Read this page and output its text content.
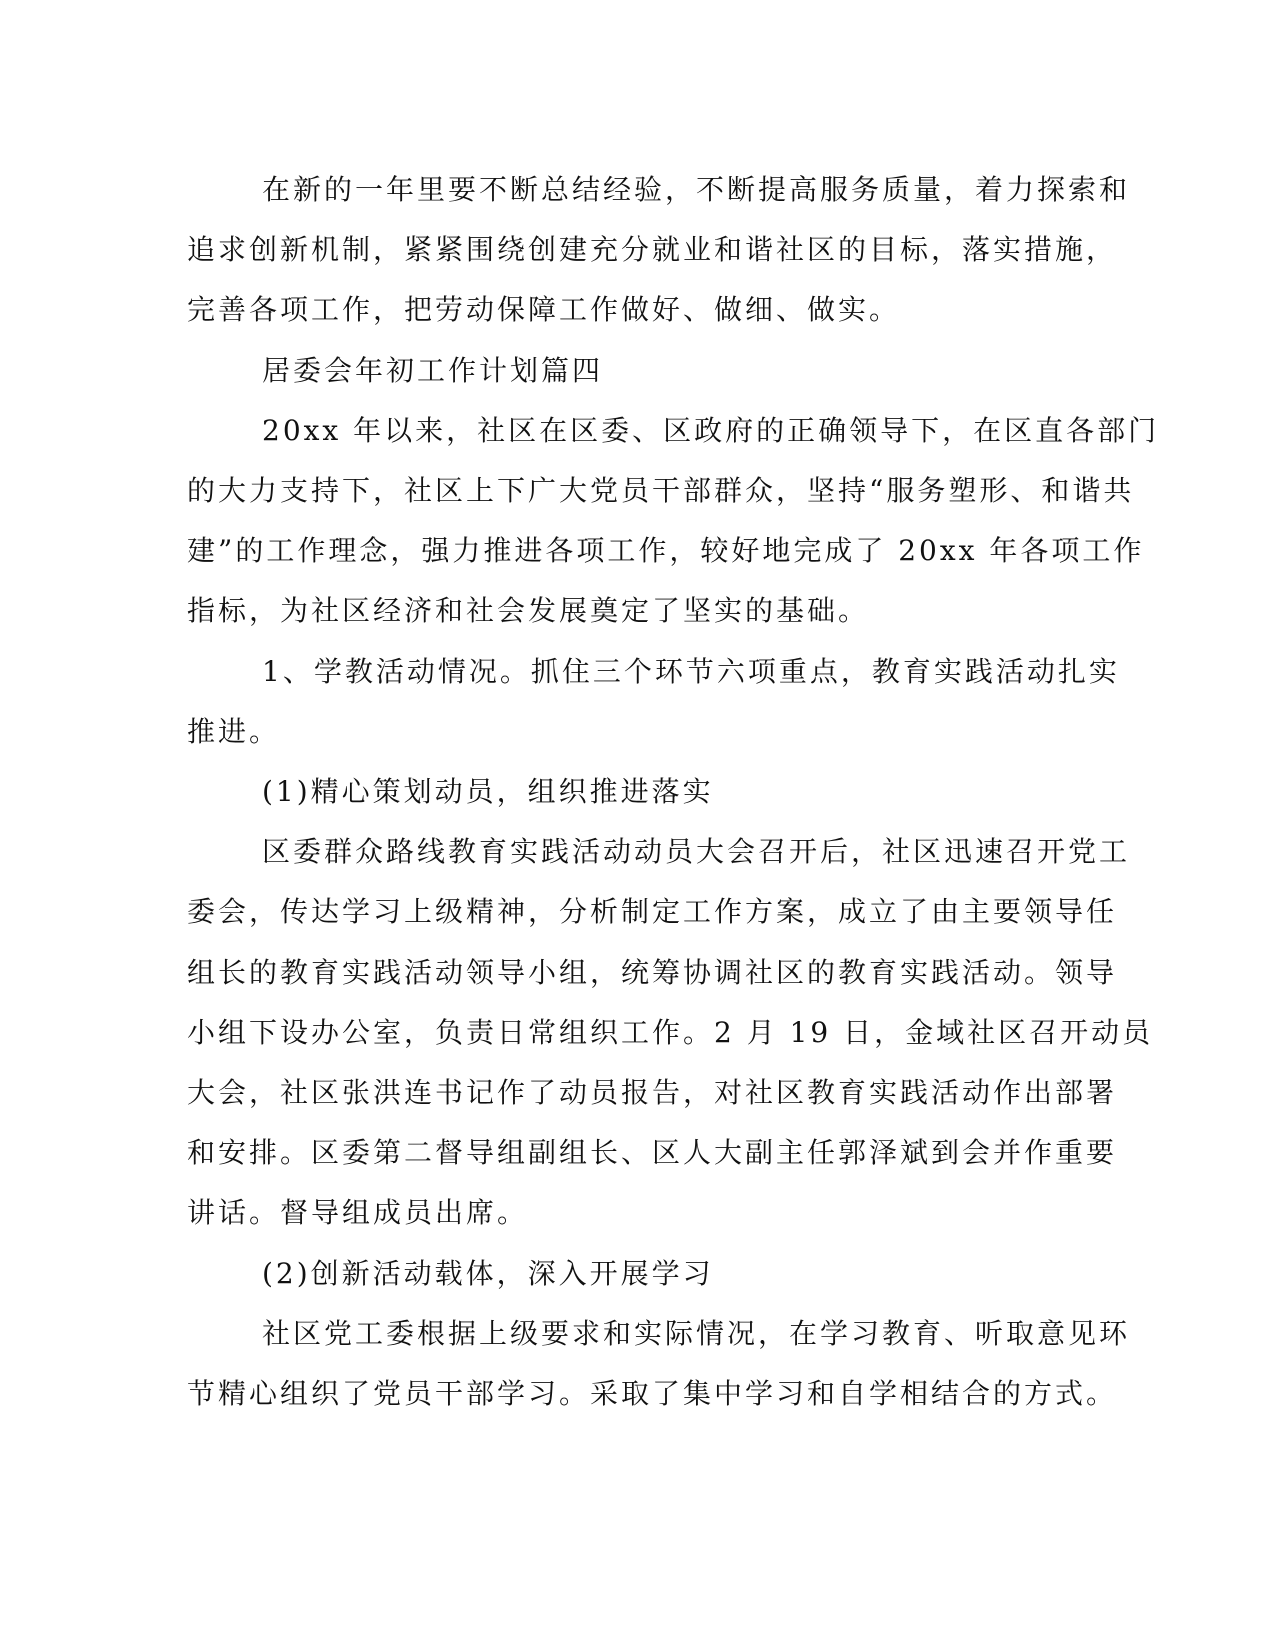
在新的一年里要不断总结经验，不断提高服务质量，着力探索和
追求创新机制，紧紧围绕创建充分就业和谐社区的目标，落实措施，
完善各项工作，把劳动保障工作做好、做细、做实。

居委会年初工作计划篇四

20xx 年以来，社区在区委、区政府的正确领导下，在区直各部门
的大力支持下，社区上下广大党员干部群众，坚持“服务塑形、和谐共
建”的工作理念，强力推进各项工作，较好地完成了 20xx 年各项工作
指标，为社区经济和社会发展奠定了坚实的基础。

1、学教活动情况。抓住三个环节六项重点，教育实践活动扎实
推进。

(1)精心策划动员，组织推进落实

区委群众路线教育实践活动动员大会召开后，社区迅速召开党工
委会，传达学习上级精神，分析制定工作方案，成立了由主要领导任
组长的教育实践活动领导小组，统筹协调社区的教育实践活动。领导
小组下设办公室，负责日常组织工作。2 月 19 日，金域社区召开动员
大会，社区张洪连书记作了动员报告，对社区教育实践活动作出部署
和安排。区委第二督导组副组长、区人大副主任郭泽斌到会并作重要
讲话。督导组成员出席。

(2)创新活动载体，深入开展学习

社区党工委根据上级要求和实际情况，在学习教育、听取意见环
节精心组织了党员干部学习。采取了集中学习和自学相结合的方式。
